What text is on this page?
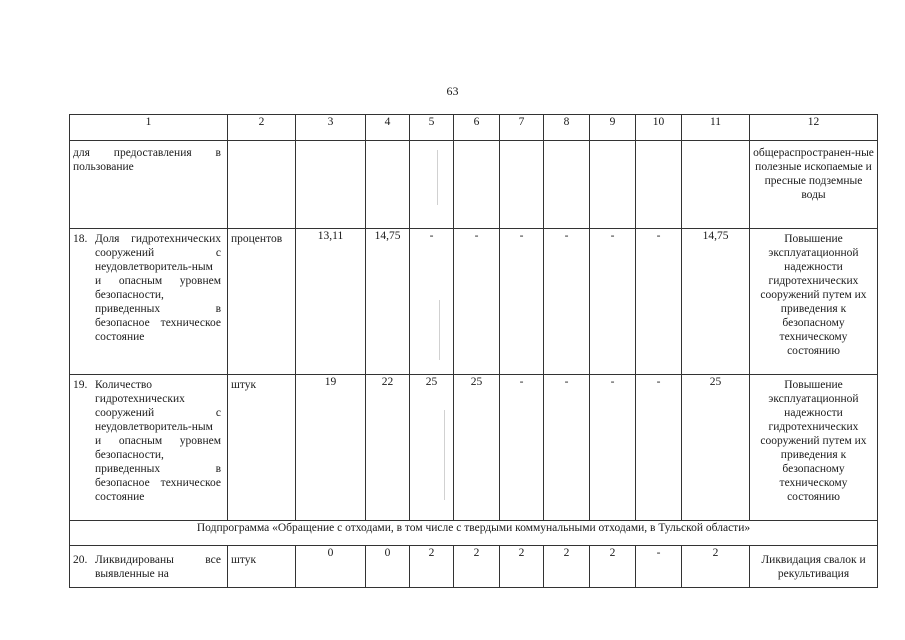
63
1	2	3	4	5	6	7	8	9	10	11	12
для предоставления в пользование											общераспространен-ные полезные ископаемые и пресные подземные воды
18. Доля гидротехнических сооружений с неудовлетворитель-ным и опасным уровнем безопасности, приведенных в безопасное техническое состояние	процентов	13,11	14,75	-	-	-	-	-	-	14,75	Повышение эксплуатационной надежности гидротехнических сооружений путем их приведения к безопасному техническому состоянию
19. Количество гидротехнических сооружений с неудовлетворитель-ным и опасным уровнем безопасности, приведенных в безопасное техническое состояние	штук	19	22	25	25	-	-	-	-	25	Повышение эксплуатационной надежности гидротехнических сооружений путем их приведения к безопасному техническому состоянию
Подпрограмма «Обращение с отходами, в том числе с твердыми коммунальными отходами, в Тульской области»											
20. Ликвидированы все выявленные на	штук	0	0	2	2	2	2	2	-	2	Ликвидация свалок и рекультивация
